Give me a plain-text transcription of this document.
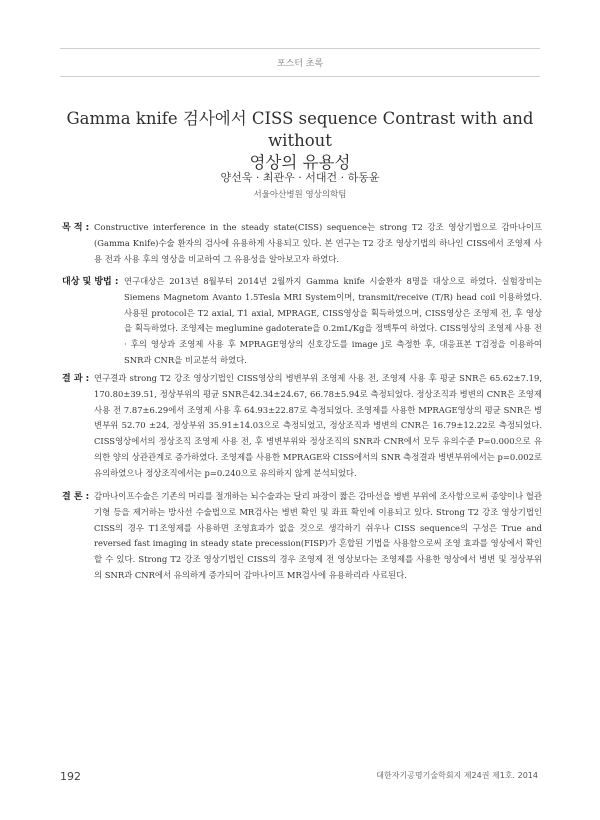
포스터 초록
Gamma knife 검사에서 CISS sequence Contrast with and without
영상의 유용성
양선욱 · 최관우 · 서대건 · 하동윤
서울아산병원 영상의학팀
목 적 : Constructive interference in the steady state(CISS) sequence는 strong T2 강조 영상기법으로 감마나이프(Gamma Knife)수술 환자의 검사에 유용하게 사용되고 있다. 본 연구는 T2 강조 영상기법의 하나인 CISS에서 조영제 사용 전과 사용 후의 영상을 비교하여 그 유용성을 알아보고자 하였다.
대상 및 방법 : 연구대상은 2013년 8월부터 2014년 2월까지 Gamma knife 시술환자 8명을 대상으로 하였다. 실험장비는 Siemens Magnetom Avanto 1.5Tesla MRI System이며, transmit/receive (T/R) head coil 이용하였다.사용된 protocol은 T2 axial, T1 axial, MPRAGE, CISS영상을 획득하였으며, CISS영상은 조영제 전, 후 영상을 획득하였다. 조영제는 meglumine gadoterate을 0.2mL/Kg을 정맥투여 하였다. CISS영상의 조영제 사용 전 · 후의 영상과 조영제 사용 후 MPRAGE영상의 신호강도를 image j로 측정한 후, 대응표본 T검정을 이용하여 SNR과 CNR을 비교분석 하였다.
결 과 : 연구결과 strong T2 강조 영상기법인 CISS영상의 병변부위 조영제 사용 전, 조영제 사용 후 평균 SNR은 65.62±7.19, 170.80±39.51, 정상부위의 평균 SNR은42.34±24.67, 66.78±5.94로 측정되었다. 정상조직과 병변의 CNR은 조영제 사용 전 7.87±6.29에서 조영제 사용 후 64.93±22.87로 측정되었다. 조영제를 사용한 MPRAGE영상의 평균 SNR은 병변부위 52.70 ±24, 정상부위 35.91±14.03으로 측정되었고, 정상조직과 병변의 CNR은 16.79±12.22로 측정되었다. CISS영상에서의 정상조직 조영제 사용 전, 후 병변부위와 정상조직의 SNR과 CNR에서 모두 유의수준 P=0.000으로 유의한 양의 상관관계로 증가하였다. 조영제를 사용한 MPRAGE와 CISS에서의 SNR 측정결과 병변부위에서는 p=0.002로 유의하였으나 정상조직에서는 p=0.240으로 유의하지 않게 분석되었다.
결 론 : 감마나이프수술은 기존의 머리를 절개하는 뇌수술과는 달리 파장이 짧은 감마선을 병변 부위에 조사함으로써 종양이나 혈관기형 등을 제거하는 방사선 수술법으로 MR검사는 병변 확인 및 좌표 확인에 이용되고 있다. Strong T2 강조 영상기법인 CISS의 경우 T1조영제를 사용하면 조영효과가 없을 것으로 생각하기 쉬우나 CISS sequence의 구성은 True and reversed fast imaging in steady state precession(FISP)가 혼합된 기법을 사용함으로써 조영 효과를 영상에서 확인 할 수 있다. Strong T2 강조 영상기법인 CISS의 경우 조영제 전 영상보다는 조영제를 사용한 영상에서 병변 및 정상부위의 SNR과 CNR에서 유의하게 증가되어 감마나이프 MR검사에 유용하리라 사료된다.
192	대한자기공명기술학회지 제24권 제1호. 2014
